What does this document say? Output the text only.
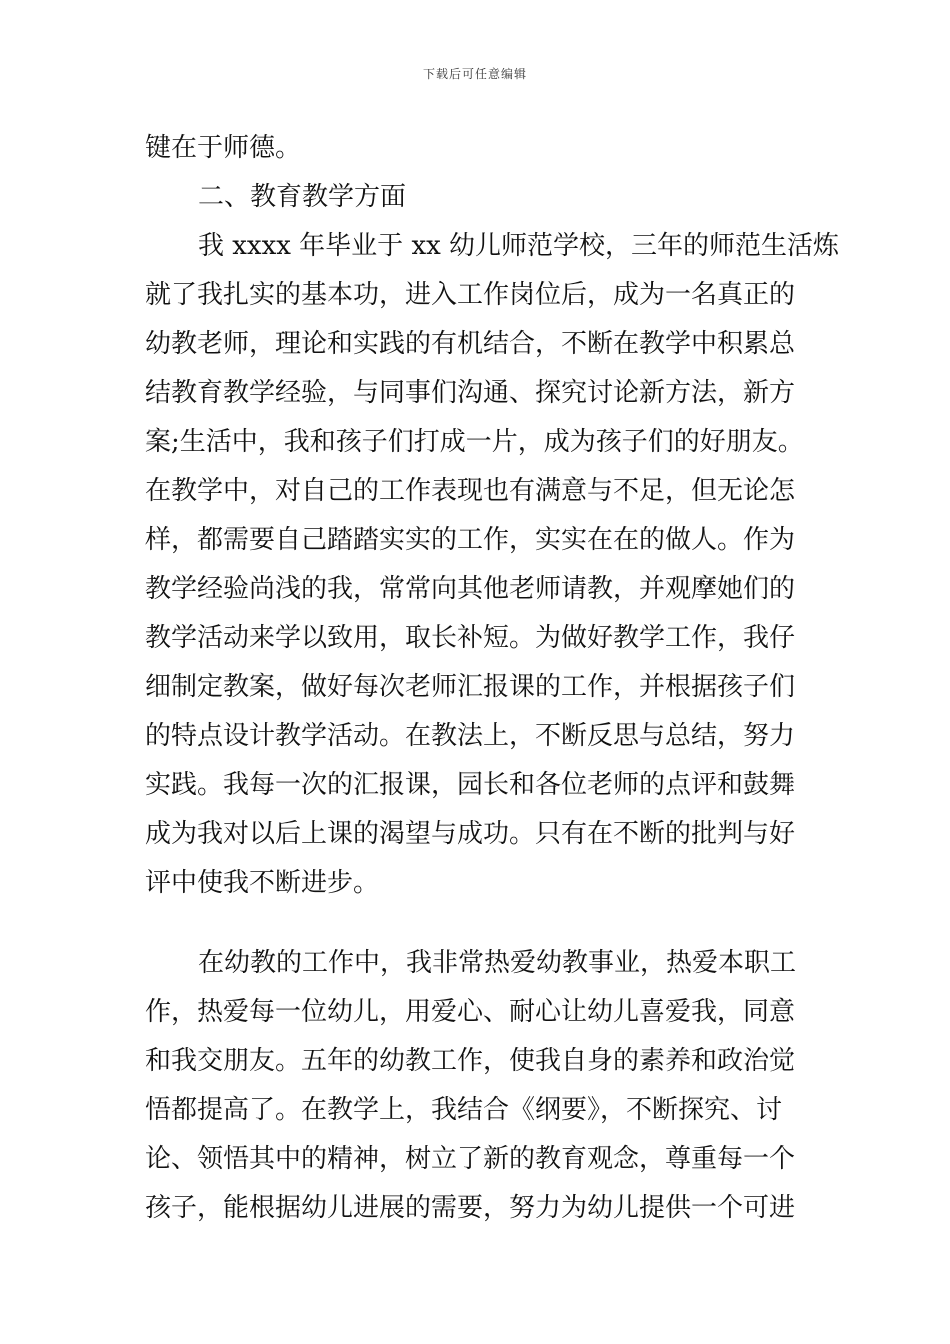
下载后可任意编辑
键在于师德。
二、教育教学方面
我 xxxx 年毕业于 xx 幼儿师范学校，三年的师范生活炼
就了我扎实的基本功，进入工作岗位后，成为一名真正的
幼教老师，理论和实践的有机结合，不断在教学中积累总
结教育教学经验，与同事们沟通、探究讨论新方法，新方
案;生活中，我和孩子们打成一片，成为孩子们的好朋友。
在教学中，对自己的工作表现也有满意与不足，但无论怎
样，都需要自己踏踏实实的工作，实实在在的做人。作为
教学经验尚浅的我，常常向其他老师请教，并观摩她们的
教学活动来学以致用，取长补短。为做好教学工作，我仔
细制定教案，做好每次老师汇报课的工作，并根据孩子们
的特点设计教学活动。在教法上，不断反思与总结，努力
实践。我每一次的汇报课，园长和各位老师的点评和鼓舞
成为我对以后上课的渴望与成功。只有在不断的批判与好
评中使我不断进步。
在幼教的工作中，我非常热爱幼教事业，热爱本职工
作，热爱每一位幼儿，用爱心、耐心让幼儿喜爱我，同意
和我交朋友。五年的幼教工作，使我自身的素养和政治觉
悟都提高了。在教学上，我结合《纲要》，不断探究、讨
论、领悟其中的精神，树立了新的教育观念，尊重每一个
孩子，能根据幼儿进展的需要，努力为幼儿提供一个可进
